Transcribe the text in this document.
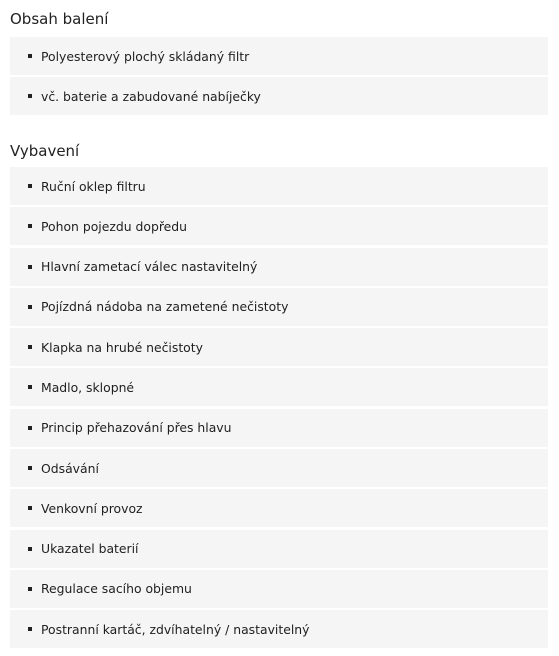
Obsah balení
Polyesterový plochý skládaný filtr
vč. baterie a zabudované nabíječky
Vybavení
Ruční oklep filtru
Pohon pojezdu dopředu
Hlavní zametací válec nastavitelný
Pojízdná nádoba na zametené nečistoty
Klapka na hrubé nečistoty
Madlo, sklopné
Princip přehazování přes hlavu
Odsávání
Venkovní provoz
Ukazatel baterií
Regulace sacího objemu
Postranní kartáč, zdvíhatelný / nastavitelný
